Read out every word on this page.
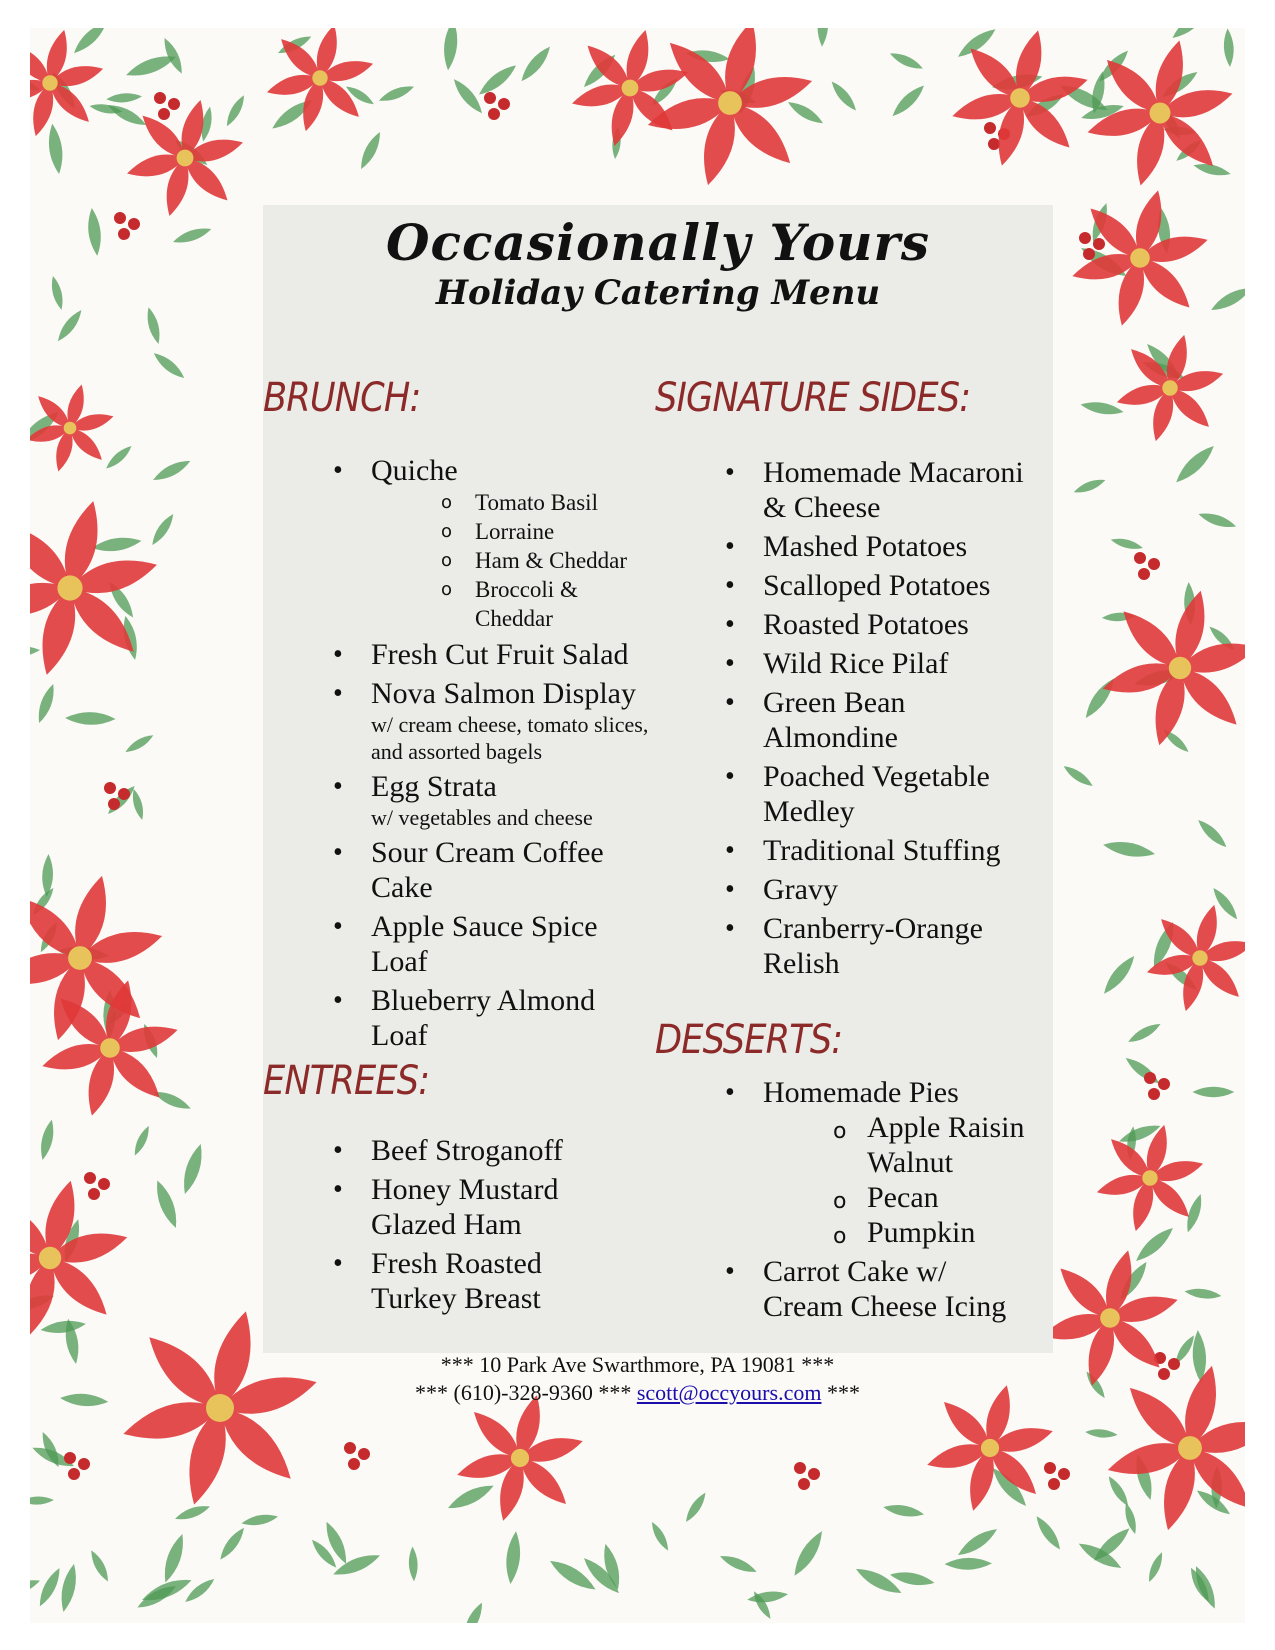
Occasionally Yours
Holiday Catering Menu
BRUNCH:
• Quiche
o Tomato Basil
o Lorraine
o Ham & Cheddar
o Broccoli & Cheddar
• Fresh Cut Fruit Salad
• Nova Salmon Display
w/ cream cheese, tomato slices, and assorted bagels
• Egg Strata
w/ vegetables and cheese
• Sour Cream Coffee Cake
• Apple Sauce Spice Loaf
• Blueberry Almond Loaf
ENTREES:
• Beef Stroganoff
• Honey Mustard Glazed Ham
• Fresh Roasted Turkey Breast
SIGNATURE SIDES:
• Homemade Macaroni & Cheese
• Mashed Potatoes
• Scalloped Potatoes
• Roasted Potatoes
• Wild Rice Pilaf
• Green Bean Almondine
• Poached Vegetable Medley
• Traditional Stuffing
• Gravy
• Cranberry-Orange Relish
DESSERTS:
• Homemade Pies
o Apple Raisin Walnut
o Pecan
o Pumpkin
• Carrot Cake w/ Cream Cheese Icing
*** 10 Park Ave Swarthmore, PA 19081 ***
*** (610)-328-9360 *** scott@occyours.com ***
